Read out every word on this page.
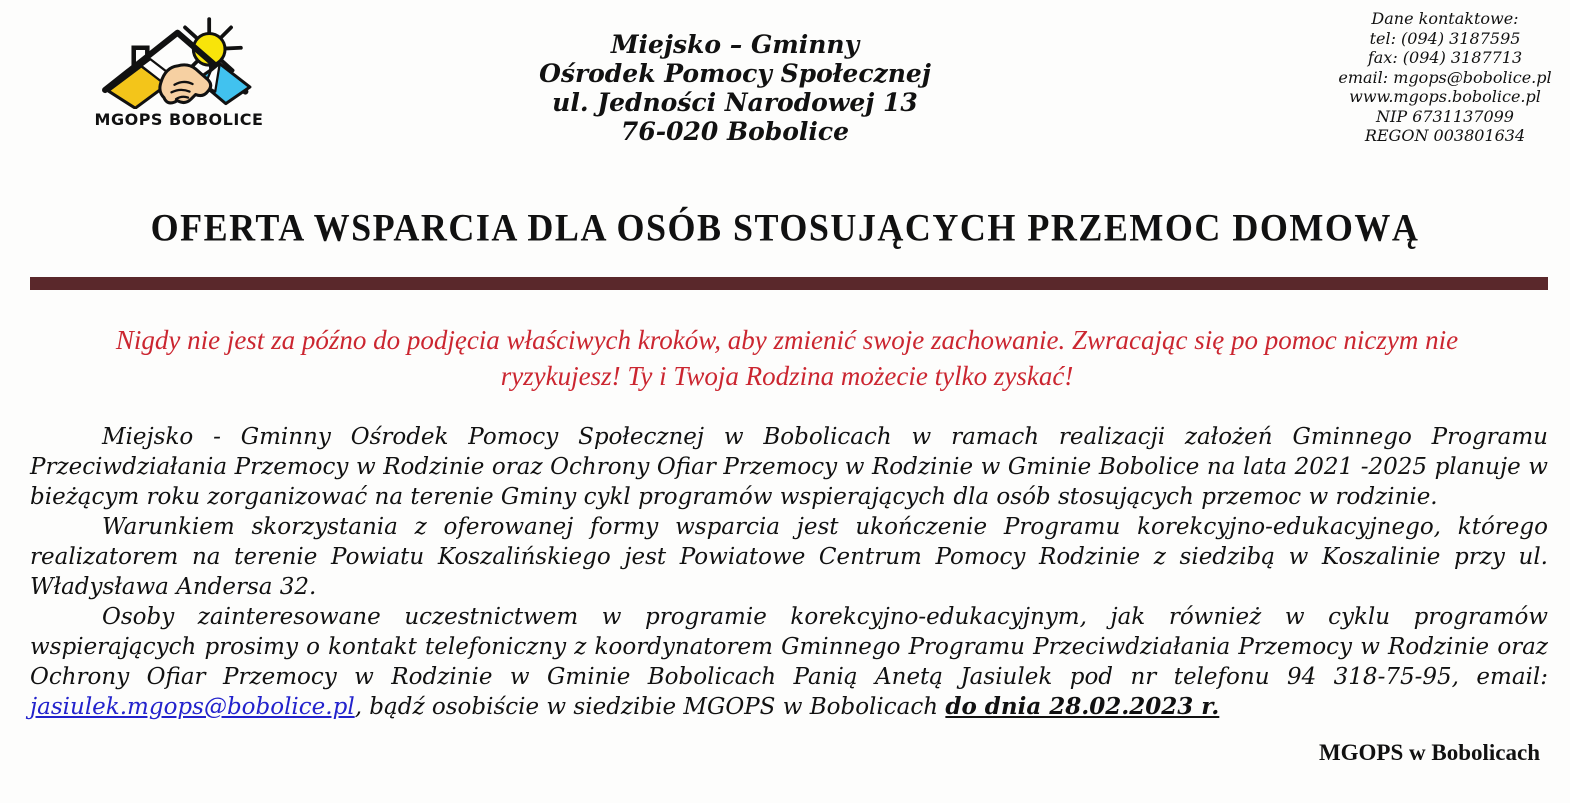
MGOPS BOBOLICE
Miejsko – Gminny
Ośrodek Pomocy Społecznej
ul. Jedności Narodowej 13
76-020 Bobolice
Dane kontaktowe:
tel: (094) 3187595
fax: (094) 3187713
email: mgops@bobolice.pl
www.mgops.bobolice.pl
NIP 6731137099
REGON 003801634
OFERTA WSPARCIA DLA OSÓB STOSUJĄCYCH PRZEMOC DOMOWĄ
Nigdy nie jest za późno do podjęcia właściwych kroków, aby zmienić swoje zachowanie. Zwracając się po pomoc niczym nie
ryzykujesz! Ty i Twoja Rodzina możecie tylko zyskać!

Miejsko - Gminny Ośrodek Pomocy Społecznej w Bobolicach w ramach realizacji założeń Gminnego Programu Przeciwdziałania Przemocy w Rodzinie oraz Ochrony Ofiar Przemocy w Rodzinie w Gminie Bobolice na lata 2021 -2025 planuje w bieżącym roku zorganizować na terenie Gminy cykl programów wspierających dla osób stosujących przemoc w rodzinie.

Warunkiem skorzystania z oferowanej formy wsparcia jest ukończenie Programu korekcyjno-edukacyjnego, którego realizatorem na terenie Powiatu Koszalińskiego jest Powiatowe Centrum Pomocy Rodzinie z siedzibą w Koszalinie przy ul. Władysława Andersa 32.

Osoby zainteresowane uczestnictwem w programie korekcyjno-edukacyjnym, jak również w cyklu programów wspierających prosimy o kontakt telefoniczny z koordynatorem Gminnego Programu Przeciwdziałania Przemocy w Rodzinie oraz Ochrony Ofiar Przemocy w Rodzinie w Gminie Bobolicach Panią Anetą Jasiulek pod nr telefonu 94 318-75-95, email: jasiulek.mgops@bobolice.pl, bądź osobiście w siedzibie MGOPS w Bobolicach do dnia 28.02.2023 r.

MGOPS w Bobolicach
